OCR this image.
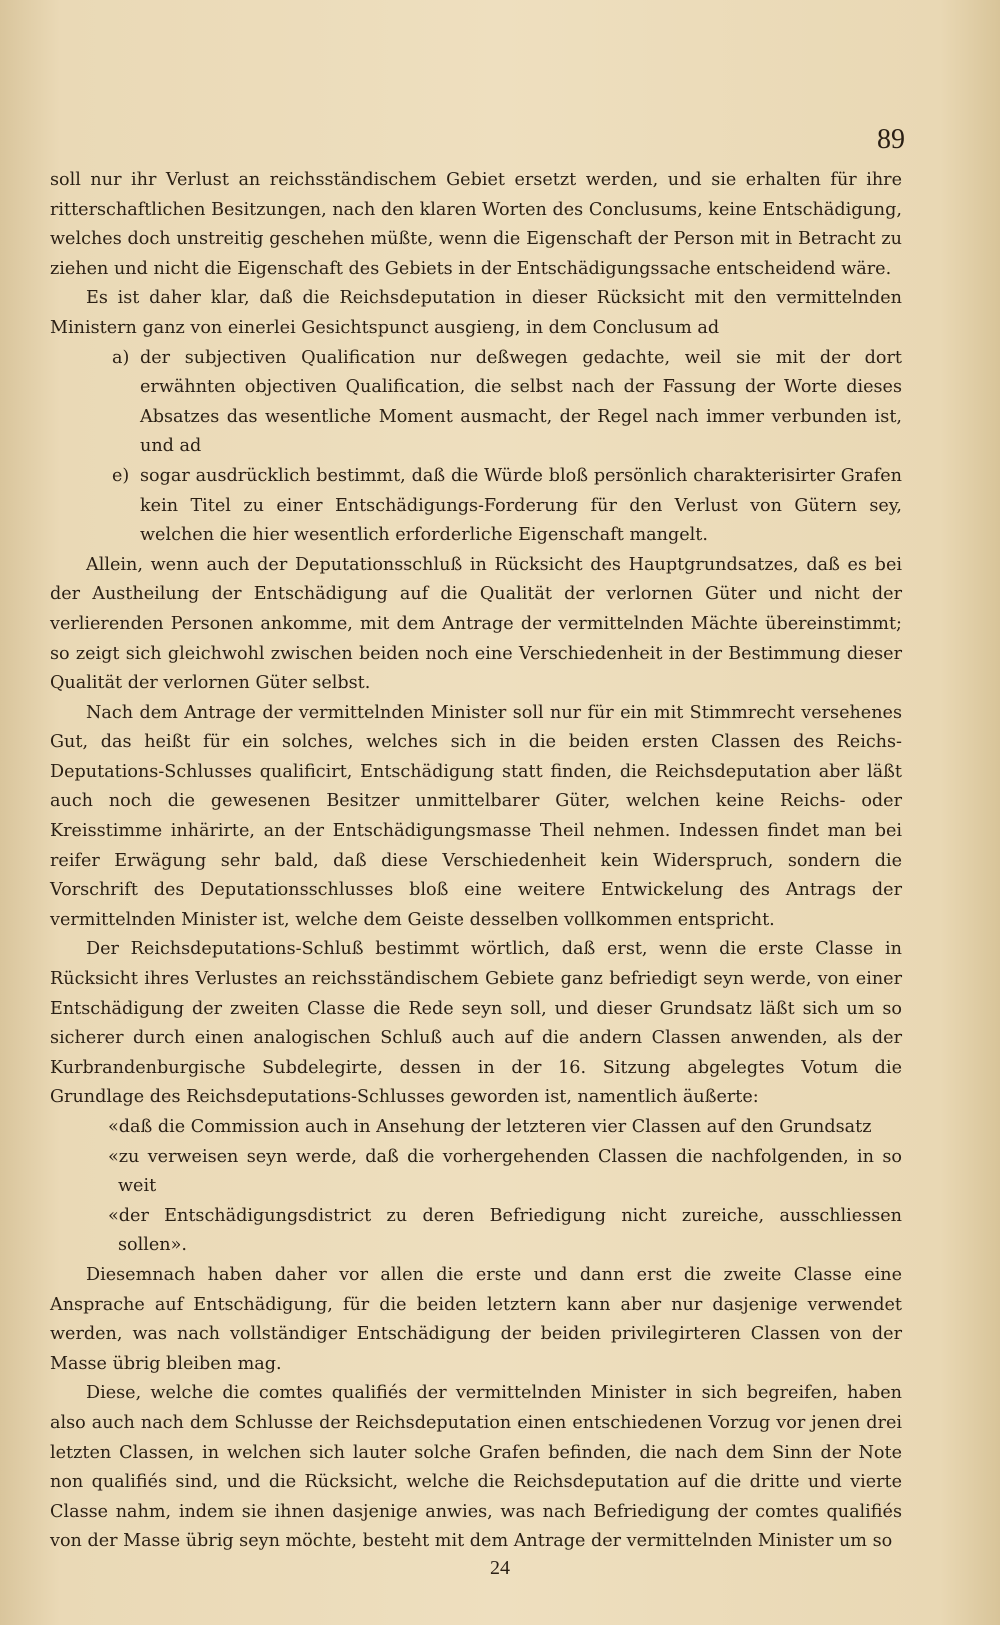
89

soll nur ihr Verlust an reichsständischem Gebiet ersetzt werden, und sie erhalten für ihre ritterschaftlichen Besitzungen, nach den klaren Worten des Conclusums, keine Entschädigung, welches doch unstreitig geschehen müßte, wenn die Eigenschaft der Person mit in Betracht zu ziehen und nicht die Eigenschaft des Gebiets in der Entschädigungssache entscheidend wäre.

Es ist daher klar, daß die Reichsdeputation in dieser Rücksicht mit den vermittelnden Ministern ganz von einerlei Gesichtspunct ausgieng, in dem Conclusum ad

a) der subjectiven Qualification nur deßwegen gedachte, weil sie mit der dort erwähnten objectiven Qualification, die selbst nach der Fassung der Worte dieses Absatzes das wesentliche Moment ausmacht, der Regel nach immer verbunden ist, und ad
e) sogar ausdrücklich bestimmt, daß die Würde bloß persönlich charakterisirter Grafen kein Titel zu einer Entschädigungs-Forderung für den Verlust von Gütern sey, welchen die hier wesentlich erforderliche Eigenschaft mangelt.

Allein, wenn auch der Deputationsschluß in Rücksicht des Hauptgrundsatzes, daß es bei der Austheilung der Entschädigung auf die Qualität der verlornen Güter und nicht der verlierenden Personen ankomme, mit dem Antrage der vermittelnden Mächte übereinstimmt; so zeigt sich gleichwohl zwischen beiden noch eine Verschiedenheit in der Bestimmung dieser Qualität der verlornen Güter selbst.

Nach dem Antrage der vermittelnden Minister soll nur für ein mit Stimmrecht versehenes Gut, das heißt für ein solches, welches sich in die beiden ersten Classen des Reichs-Deputations-Schlusses qualificirt, Entschädigung statt finden, die Reichsdeputation aber läßt auch noch die gewesenen Besitzer unmittelbarer Güter, welchen keine Reichs- oder Kreisstimme inhärirte, an der Entschädigungsmasse Theil nehmen. Indessen findet man bei reifer Erwägung sehr bald, daß diese Verschiedenheit kein Widerspruch, sondern die Vorschrift des Deputationsschlusses bloß eine weitere Entwickelung des Antrags der vermittelnden Minister ist, welche dem Geiste desselben vollkommen entspricht.

Der Reichsdeputations-Schluß bestimmt wörtlich, daß erst, wenn die erste Classe in Rücksicht ihres Verlustes an reichsständischem Gebiete ganz befriedigt seyn werde, von einer Entschädigung der zweiten Classe die Rede seyn soll, und dieser Grundsatz läßt sich um so sicherer durch einen analogischen Schluß auch auf die andern Classen anwenden, als der Kurbrandenburgische Subdelegirte, dessen in der 16. Sitzung abgelegtes Votum die Grundlage des Reichsdeputations-Schlusses geworden ist, namentlich äußerte:

«daß die Commission auch in Ansehung der letzteren vier Classen auf den Grundsatz

«zu verweisen seyn werde, daß die vorhergehenden Classen die nachfolgenden, in so weit

«der Entschädigungsdistrict zu deren Befriedigung nicht zureiche, ausschliessen sollen».

Diesemnach haben daher vor allen die erste und dann erst die zweite Classe eine Ansprache auf Entschädigung, für die beiden letztern kann aber nur dasjenige verwendet werden, was nach vollständiger Entschädigung der beiden privilegirteren Classen von der Masse übrig bleiben mag.

Diese, welche die comtes qualifiés der vermittelnden Minister in sich begreifen, haben also auch nach dem Schlusse der Reichsdeputation einen entschiedenen Vorzug vor jenen drei letzten Classen, in welchen sich lauter solche Grafen befinden, die nach dem Sinn der Note non qualifiés sind, und die Rücksicht, welche die Reichsdeputation auf die dritte und vierte Classe nahm, indem sie ihnen dasjenige anwies, was nach Befriedigung der comtes qualifiés von der Masse übrig seyn möchte, besteht mit dem Antrage der vermittelnden Minister um so

24
